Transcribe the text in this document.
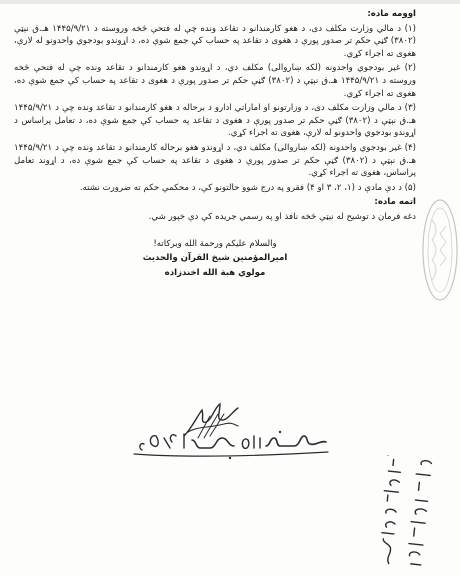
اوومه ماده:

(۱) د مالي وزارت مکلف دی، د هغو کارمندانو د تقاعد ونده چې له فتحې څخه وروسته د ۱۴۴۵/۹/۲۱ هـ.ق نېټې (۳۸۰۲) ګڼې حکم تر صدور پورې د هغوی د تقاعد په حساب کې جمع شوې ده، د اړوندو بودجوي واحدونو له لارې، هغوی ته اجراء کړي.

(۲) غیر بودجوي واحدونه (لکه ښاروالی) مکلف دي، د اړوندو هغو کارمندانو د تقاعد ونده چې له فتحې څخه وروسته د ۱۴۴۵/۹/۲۱ هـ.ق نېټې د (۳۸۰۲) ګڼې حکم تر صدور پورې د هغوی د تقاعد په حساب کې جمع شوې ده، هغوی ته اجراء کړي.

(۳) د مالي وزارت مکلف دی، د وزارتونو او اماراتي ادارو د برحاله د هغو کارمندانو د تقاعد ونده چې د ۱۴۴۵/۹/۲۱ هـ.ق نېټې د (۳۸۰۲) ګڼې حکم تر صدور پورې د هغوی د تقاعد په حساب کې جمع شوې ده، د تعامل پراساس د اړوندو بودجوي واحدونو له لارې، هغوی ته اجراء کړي.

(۴) غیر بودجوي واحدونه (لکه ښاروالی) مکلف دي، د اړوندو هغو برحاله کارمندانو د تقاعد ونده چې د ۱۴۴۵/۹/۲۱ هـ.ق نېټې د (۳۸۰۲) ګڼې حکم تر صدور پورې د هغوی د تقاعد په حساب کې جمع شوې ده، د اړوند تعامل پراساس، هغوی ته اجراء کړي.

(۵) د دې مادې د (۱، ۲، ۳ او ۴) فقرو په درج شوو حالتونو کې، د محکمې حکم ته ضرورت نشته.

اتمه ماده:

دغه فرمان د توشیح له نېټې څخه نافذ او په رسمي جریده کې دې خپور شي.

والسلام علیکم ورحمة الله وبرکاته!

امیرالمؤمنین شیخ القرآن والحدیث

مولوي هبة الله اخندزاده
